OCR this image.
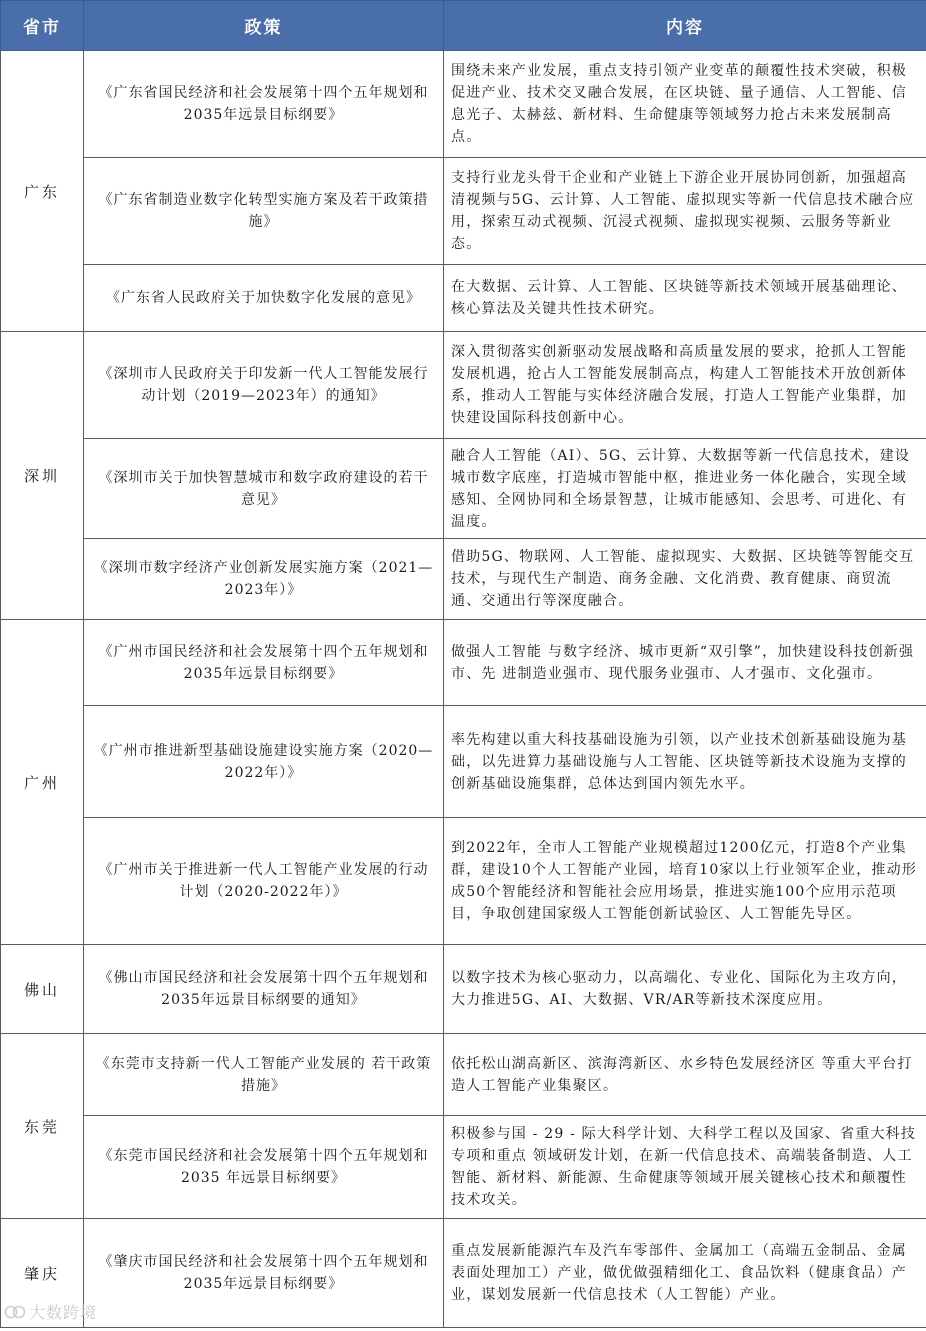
省市	政策	内容
广东	《广东省国民经济和社会发展第十四个五年规划和2035年远景目标纲要》	围绕未来产业发展，重点支持引领产业变革的颠覆性技术突破，积极促进产业、技术交叉融合发展，在区块链、量子通信、人工智能、信息光子、太赫兹、新材料、生命健康等领域努力抢占未来发展制高点。
	《广东省制造业数字化转型实施方案及若干政策措施》	支持行业龙头骨干企业和产业链上下游企业开展协同创新，加强超高清视频与5G、云计算、人工智能、虚拟现实等新一代信息技术融合应用，探索互动式视频、沉浸式视频、虚拟现实视频、云服务等新业态。
	《广东省人民政府关于加快数字化发展的意见》	在大数据、云计算、人工智能、区块链等新技术领域开展基础理论、核心算法及关键共性技术研究。
深圳	《深圳市人民政府关于印发新一代人工智能发展行动计划（2019—2023年）的通知》	深入贯彻落实创新驱动发展战略和高质量发展的要求，抢抓人工智能发展机遇，抢占人工智能发展制高点，构建人工智能技术开放创新体系，推动人工智能与实体经济融合发展，打造人工智能产业集群，加快建设国际科技创新中心。
	《深圳市关于加快智慧城市和数字政府建设的若干意见》	融合人工智能（AI）、5G、云计算、大数据等新一代信息技术，建设城市数字底座，打造城市智能中枢，推进业务一体化融合，实现全域感知、全网协同和全场景智慧，让城市能感知、会思考、可进化、有温度。
	《深圳市数字经济产业创新发展实施方案（2021—2023年）》	借助5G、物联网、人工智能、虚拟现实、大数据、区块链等智能交互技术，与现代生产制造、商务金融、文化消费、教育健康、商贸流通、交通出行等深度融合。
广州	《广州市国民经济和社会发展第十四个五年规划和2035年远景目标纲要》	做强人工智能 与数字经济、城市更新“双引擎”，加快建设科技创新强市、先 进制造业强市、现代服务业强市、人才强市、文化强市。
	《广州市推进新型基础设施建设实施方案（2020—2022年）》	率先构建以重大科技基础设施为引领，以产业技术创新基础设施为基础，以先进算力基础设施与人工智能、区块链等新技术设施为支撑的创新基础设施集群，总体达到国内领先水平。
	《广州市关于推进新一代人工智能产业发展的行动计划（2020-2022年）》	到2022年，全市人工智能产业规模超过1200亿元，打造8个产业集群，建设10个人工智能产业园，培育10家以上行业领军企业，推动形成50个智能经济和智能社会应用场景，推进实施100个应用示范项目，争取创建国家级人工智能创新试验区、人工智能先导区。
佛山	《佛山市国民经济和社会发展第十四个五年规划和2035年远景目标纲要的通知》	以数字技术为核心驱动力，以高端化、专业化、国际化为主攻方向，大力推进5G、AI、大数据、VR/AR等新技术深度应用。
东莞	《东莞市支持新一代人工智能产业发展的 若干政策措施》	依托松山湖高新区、滨海湾新区、水乡特色发展经济区 等重大平台打造人工智能产业集聚区。
	《东莞市国民经济和社会发展第十四个五年规划和 2035 年远景目标纲要》	积极参与国 - 29 - 际大科学计划、大科学工程以及国家、省重大科技专项和重点 领域研发计划，在新一代信息技术、高端装备制造、人工智能、新材料、新能源、生命健康等领域开展关键核心技术和颠覆性 技术攻关。
肇庆	《肇庆市国民经济和社会发展第十四个五年规划和2035年远景目标纲要》	重点发展新能源汽车及汽车零部件、金属加工（高端五金制品、金属表面处理加工）产业，做优做强精细化工、食品饮料（健康食品）产业，谋划发展新一代信息技术（人工智能）产业。
大数跨境
